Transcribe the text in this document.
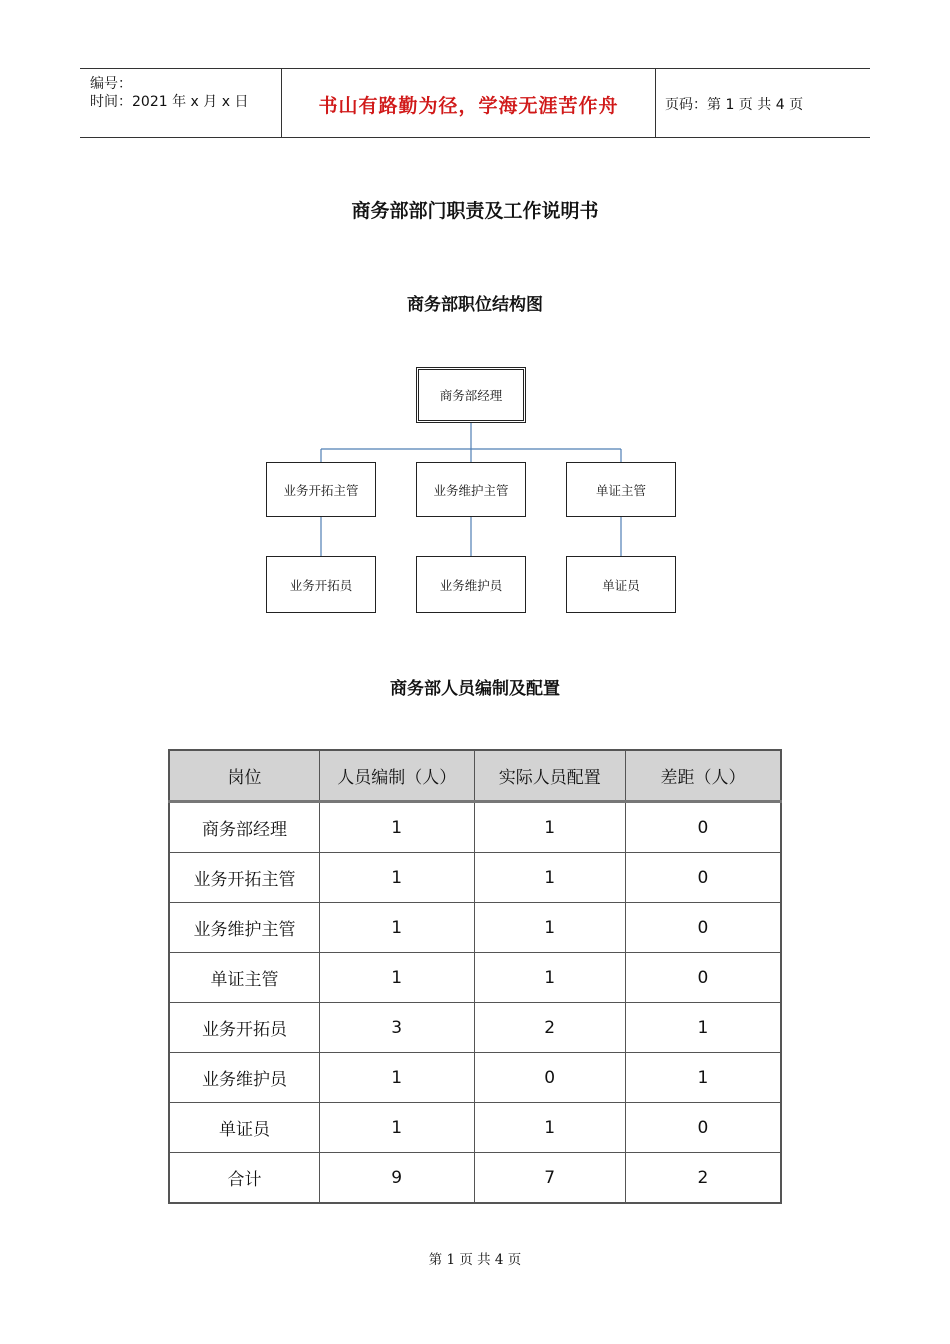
编号：
时间：2021 年 x 月 x 日	书山有路勤为径，学海无涯苦作舟	页码：第 1 页 共 4 页
商务部部门职责及工作说明书
商务部职位结构图
商务部经理
业务开拓主管	业务维护主管	单证主管
业务开拓员	业务维护员	单证员
商务部人员编制及配置
岗位	人员编制（人）	实际人员配置	差距（人）
商务部经理	1	1	0
业务开拓主管	1	1	0
业务维护主管	1	1	0
单证主管	1	1	0
业务开拓员	3	2	1
业务维护员	1	0	1
单证员	1	1	0
合计	9	7	2
第 1 页 共 4 页
